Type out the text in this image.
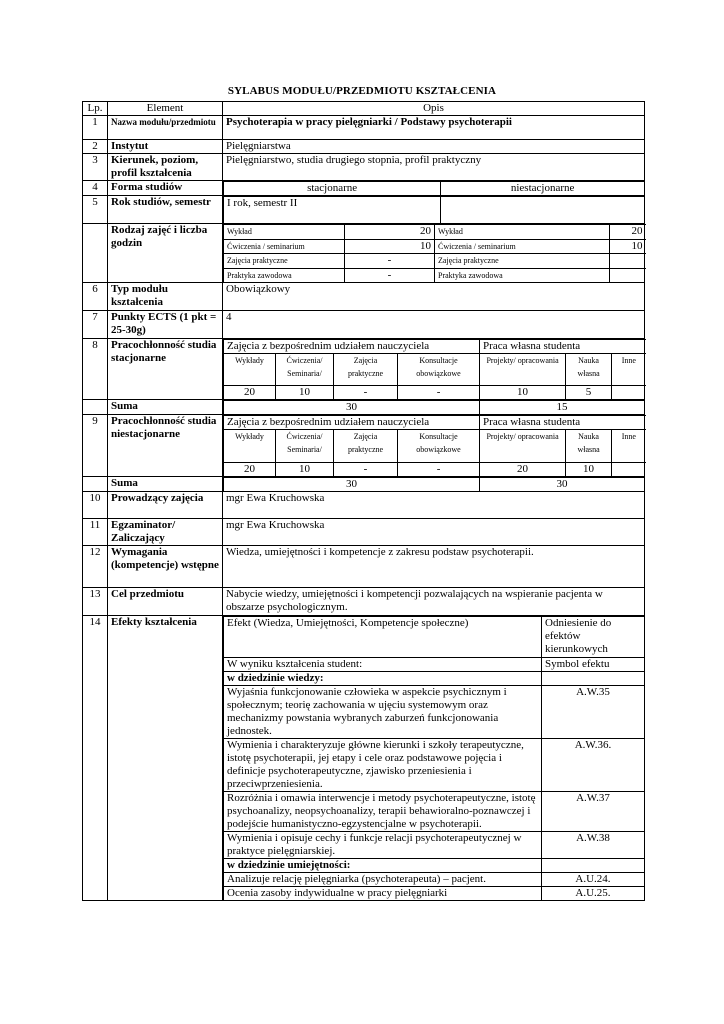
SYLABUS MODUŁU/PRZEDMIOTU KSZTAŁCENIA
Lp.	Element	Opis
1	Nazwa modułu/przedmiotu	Psychoterapia w pracy pielęgniarki / Podstawy psychoterapii
2	Instytut	Pielęgniarstwa
3	Kierunek, poziom, profil kształcenia	Pielęgniarstwo, studia drugiego stopnia, profil praktyczny
4	Forma studiów		stacjonarne	niestacjonarne

5	Rok studiów, semestr	I rok, semestr II	

	Rodzaj zajęć i liczba godzin	
Wykład	20	Wykład	20
Ćwiczenia / seminarium	10	Ćwiczenia / seminarium	10
Zajęcia praktyczne	-	Zajęcia praktyczne	
Praktyka zawodowa	-	Praktyka zawodowa	

6	Typ modułu kształcenia	Obowiązkowy
7	Punkty ECTS (1 pkt = 25-30g)	4
8	Pracochłonność studia stacjonarne	
Zajęcia z bezpośrednim udziałem nauczyciela	Praca własna studenta
Wykłady	Ćwiczenia/ Seminaria/	Zajęcia praktyczne	Konsultacje obowiązkowe	Projekty/ opracowania	Nauka własna	Inne
20	10	-	-	10	5	

	Suma		30	15

9	Pracochłonność studia niestacjonarne	
Zajęcia z bezpośrednim udziałem nauczyciela	Praca własna studenta
Wykłady	Ćwiczenia/ Seminaria/	Zajęcia praktyczne	Konsultacje obowiązkowe	Projekty/ opracowania	Nauka własna	Inne
20	10	-	-	20	10	

	Suma		30	30

10	Prowadzący zajęcia	mgr Ewa Kruchowska
11	Egzaminator/ Zaliczający	mgr Ewa Kruchowska
12	Wymagania (kompetencje) wstępne	Wiedza, umiejętności i kompetencje z zakresu podstaw psychoterapii.
13	Cel przedmiotu	Nabycie wiedzy, umiejętności i kompetencji pozwalających na wspieranie pacjenta w obszarze psychologicznym.
14	Efekty kształcenia		Efekt (Wiedza, Umiejętności, Kompetencje społeczne)	Odniesienie do efektów kierunkowych
W wyniku kształcenia student:	Symbol efektu
w dziedzinie wiedzy:	
Wyjaśnia funkcjonowanie człowieka w aspekcie psychicznym i społecznym; teorię zachowania w ujęciu systemowym oraz mechanizmy powstania wybranych zaburzeń funkcjonowania jednostek.	A.W.35
Wymienia i charakteryzuje główne kierunki i szkoły terapeutyczne, istotę psychoterapii, jej etapy i cele oraz podstawowe pojęcia i definicje psychoterapeutyczne, zjawisko przeniesienia i przeciwprzeniesienia.	A.W.36.
Rozróżnia i omawia interwencje i metody psychoterapeutyczne, istotę psychoanalizy, neopsychoanalizy, terapii behawioralno-poznawczej i podejście humanistyczno-egzystencjalne w psychoterapii.	A.W.37
Wymienia i opisuje cechy i funkcje relacji psychoterapeutycznej w praktyce pielęgniarskiej.	A.W.38
w dziedzinie umiejętności:	
Analizuje relację pielęgniarka (psychoterapeuta) – pacjent.	A.U.24.
Ocenia zasoby indywidualne w pracy pielęgniarki	A.U.25.
